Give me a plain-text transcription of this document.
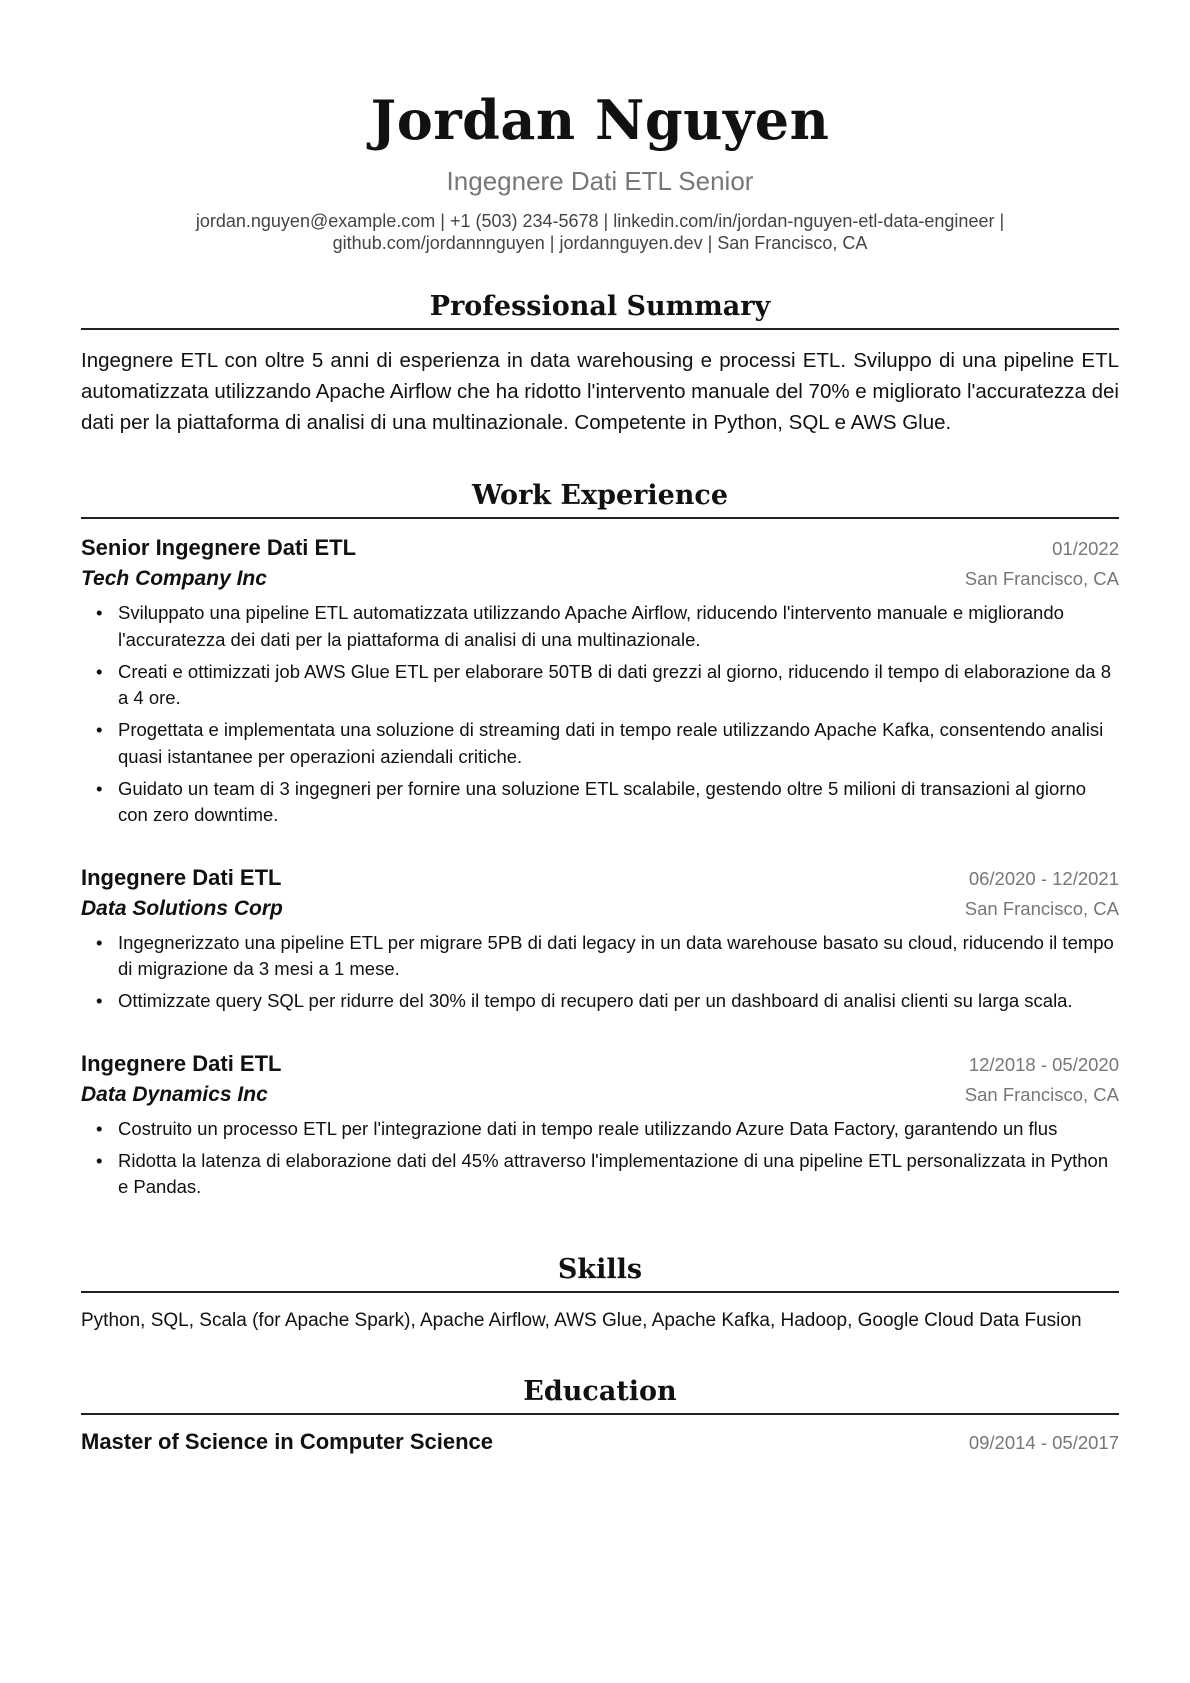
Jordan Nguyen
Ingegnere Dati ETL Senior
jordan.nguyen@example.com | +1 (503) 234-5678 | linkedin.com/in/jordan-nguyen-etl-data-engineer |
github.com/jordannnguyen | jordannguyen.dev | San Francisco, CA
Professional Summary
Ingegnere ETL con oltre 5 anni di esperienza in data warehousing e processi ETL. Sviluppo di una pipeline ETL automatizzata utilizzando Apache Airflow che ha ridotto l'intervento manuale del 70% e migliorato l'accuratezza dei dati per la piattaforma di analisi di una multinazionale. Competente in Python, SQL e AWS Glue.
Work Experience
Senior Ingegnere Dati ETL	01/2022
Tech Company Inc	San Francisco, CA
• Sviluppato una pipeline ETL automatizzata utilizzando Apache Airflow, riducendo l'intervento manuale e migliorando l'accuratezza dei dati per la piattaforma di analisi di una multinazionale.
• Creati e ottimizzati job AWS Glue ETL per elaborare 50TB di dati grezzi al giorno, riducendo il tempo di elaborazione da 8 a 4 ore.
• Progettata e implementata una soluzione di streaming dati in tempo reale utilizzando Apache Kafka, consentendo analisi quasi istantanee per operazioni aziendali critiche.
• Guidato un team di 3 ingegneri per fornire una soluzione ETL scalabile, gestendo oltre 5 milioni di transazioni al giorno con zero downtime.
Ingegnere Dati ETL	06/2020 - 12/2021
Data Solutions Corp	San Francisco, CA
• Ingegnerizzato una pipeline ETL per migrare 5PB di dati legacy in un data warehouse basato su cloud, riducendo il tempo di migrazione da 3 mesi a 1 mese.
• Ottimizzate query SQL per ridurre del 30% il tempo di recupero dati per un dashboard di analisi clienti su larga scala.
Ingegnere Dati ETL	12/2018 - 05/2020
Data Dynamics Inc	San Francisco, CA
• Costruito un processo ETL per l'integrazione dati in tempo reale utilizzando Azure Data Factory, garantendo un flus
• Ridotta la latenza di elaborazione dati del 45% attraverso l'implementazione di una pipeline ETL personalizzata in Python e Pandas.
Skills
Python, SQL, Scala (for Apache Spark), Apache Airflow, AWS Glue, Apache Kafka, Hadoop, Google Cloud Data Fusion
Education
Master of Science in Computer Science	09/2014 - 05/2017
